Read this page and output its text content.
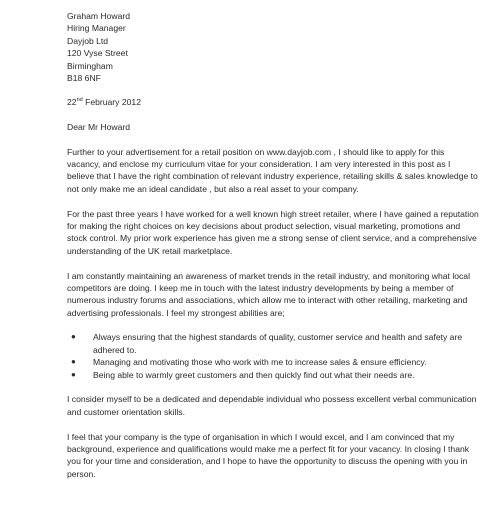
Graham Howard
Hiring Manager
Dayjob Ltd
120 Vyse Street
Birmingham
B18 6NF
22nd February 2012
Dear Mr Howard

Further to your advertisement for a retail position on www.dayjob.com , I should like to apply for this vacancy, and enclose my curriculum vitae for your consideration. I am very interested in this post as I believe that I have the right combination of relevant industry experience, retailing skills & sales knowledge to not only make me an ideal candidate , but also a real asset to your company.

For the past three years I have worked for a well known high street retailer, where I have gained a reputation for making the right choices on key decisions about product selection, visual marketing, promotions and stock control. My prior work experience has given me a strong sense of client service, and a comprehensive understanding of the UK retail marketplace.

I am constantly maintaining an awareness of market trends in the retail industry, and monitoring what local competitors are doing. I keep me in touch with the latest industry developments by being a member of numerous industry forums and associations, which allow me to interact with other retailing, marketing and advertising professionals. I feel my strongest abilities are;

● Always ensuring that the highest standards of quality, customer service and health and safety are adhered to.
● Managing and motivating those who work with me to increase sales & ensure efficiency.
● Being able to warmly greet customers and then quickly find out what their needs are.

I consider myself to be a dedicated and dependable individual who possess excellent verbal communication and customer orientation skills.

I feel that your company is the type of organisation in which I would excel, and I am convinced that my background, experience and qualifications would make me a perfect fit for your vacancy. In closing I thank you for your time and consideration, and I hope to have the opportunity to discuss the opening with you in person.
